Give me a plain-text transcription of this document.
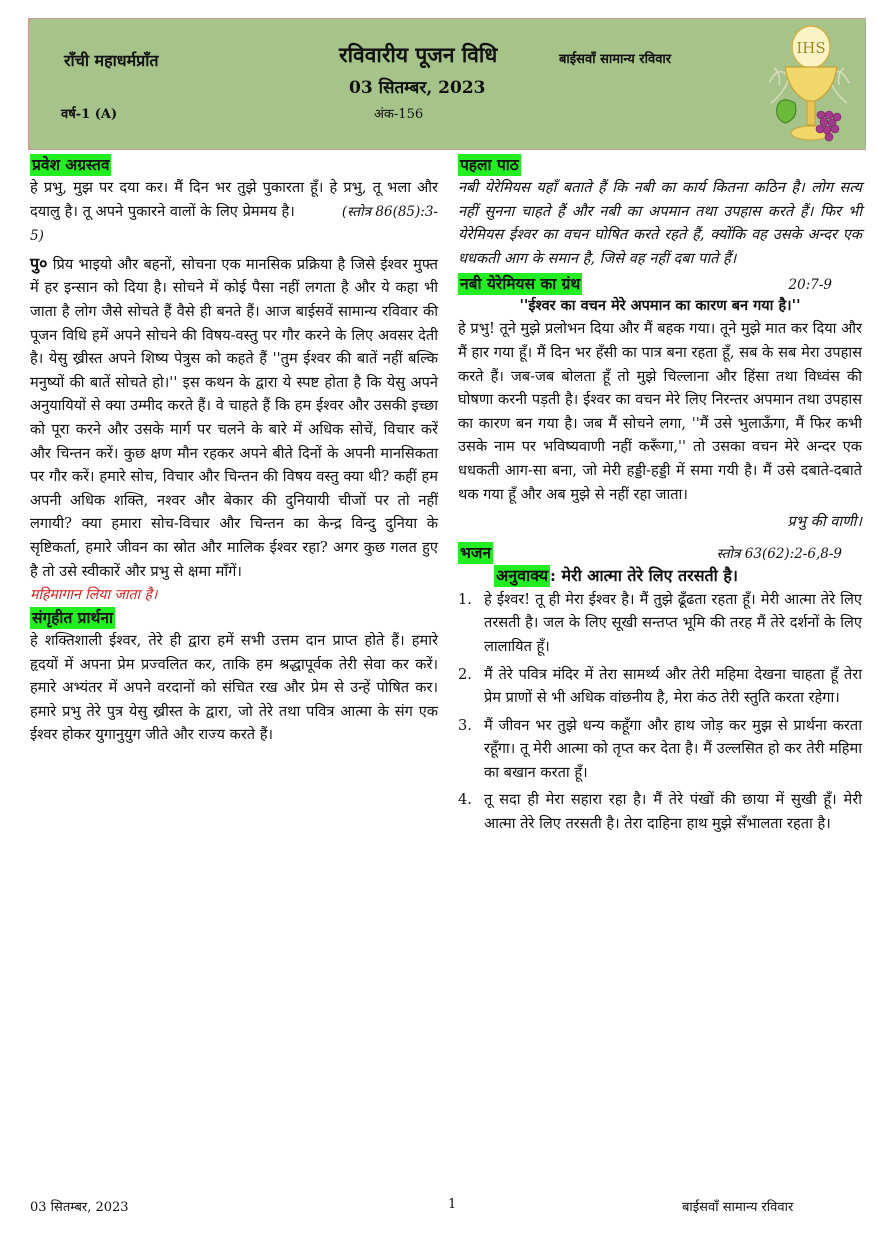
राँची महाधर्मप्राँत	रविवारीय पूजन विधि
03 सितम्बर, 2023
वर्ष-1 (A)	अंक-156
बाईसवाँ सामान्य रविवार
IHS
प्रवेश अग्रस्तव

हे प्रभु, मुझ पर दया कर। मैं दिन भर तुझे पुकारता हूँ। हे प्रभु, तू भला और दयालु है। तू अपने पुकारने वालों के लिए प्रेममय है।	(स्तोत्र 86(85):3-5)

पु० प्रिय भाइयो और बहनों, सोचना एक मानसिक प्रक्रिया है जिसे ईश्वर मुफ्त में हर इन्सान को दिया है। सोचने में कोई पैसा नहीं लगता है और ये कहा भी जाता है लोग जैसे सोचते हैं वैसे ही बनते हैं। आज बाईसवें सामान्य रविवार की पूजन विधि हमें अपने सोचने की विषय-वस्तु पर गौर करने के लिए अवसर देती है। येसु ख्रीस्त अपने शिष्य पेत्रुस को कहते हैं ''तुम ईश्वर की बातें नहीं बल्कि मनुष्यों की बातें सोचते हो।'' इस कथन के द्वारा ये स्पष्ट होता है कि येसु अपने अनुयायियों से क्या उम्मीद करते हैं। वे चाहते हैं कि हम ईश्वर और उसकी इच्छा को पूरा करने और उसके मार्ग पर चलने के बारे में अधिक सोचें, विचार करें और चिन्तन करें। कुछ क्षण मौन रहकर अपने बीते दिनों के अपनी मानसिकता पर गौर करें। हमारे सोच, विचार और चिन्तन की विषय वस्तु क्या थी? कहीं हम अपनी अधिक शक्ति, नश्वर और बेकार की दुनियायी चीजों पर तो नहीं लगायी? क्या हमारा सोच-विचार और चिन्तन का केन्द्र विन्दु दुनिया के सृष्टिकर्ता, हमारे जीवन का स्रोत और मालिक ईश्वर रहा? अगर कुछ गलत हुए है तो उसे स्वीकारें और प्रभु से क्षमा माँगें।

महिमागान लिया जाता है।
संगृहीत प्रार्थना

हे शक्तिशाली ईश्वर, तेरे ही द्वारा हमें सभी उत्तम दान प्राप्त होते हैं। हमारे हृदयों में अपना प्रेम प्रज्वलित कर, ताकि हम श्रद्धापूर्वक तेरी सेवा कर करें। हमारे अभ्यंतर में अपने वरदानों को संचित रख और प्रेम से उन्हें पोषित कर। हमारे प्रभु तेरे पुत्र येसु ख्रीस्त के द्वारा, जो तेरे तथा पवित्र आत्मा के संग एक ईश्वर होकर युगानुयुग जीते और राज्य करते हैं।

पहला पाठ

नबी येरेमियस यहाँ बताते हैं कि नबी का कार्य कितना कठिन है। लोग सत्य नहीं सुनना चाहते हैं और नबी का अपमान तथा उपहास करते हैं। फिर भी येरेमियस ईश्वर का वचन घोषित करते रहते हैं, क्योंकि वह उसके अन्दर एक धधकती आग के समान है, जिसे वह नहीं दबा पाते हैं।

नबी येरेमियस का ग्रंथ	20:7-9
''ईश्वर का वचन मेरे अपमान का कारण बन गया है।''

हे प्रभु! तूने मुझे प्रलोभन दिया और मैं बहक गया। तूने मुझे मात कर दिया और मैं हार गया हूँ। मैं दिन भर हँसी का पात्र बना रहता हूँ, सब के सब मेरा उपहास करते हैं। जब-जब बोलता हूँ तो मुझे चिल्लाना और हिंसा तथा विध्वंस की घोषणा करनी पड़ती है। ईश्वर का वचन मेरे लिए निरन्तर अपमान तथा उपहास का कारण बन गया है। जब मैं सोचने लगा, ''मैं उसे भुलाऊँगा, मैं फिर कभी उसके नाम पर भविष्यवाणी नहीं करूँगा,'' तो उसका वचन मेरे अन्दर एक धधकती आग-सा बना, जो मेरी हड्डी-हड्डी में समा गयी है। मैं उसे दबाते-दबाते थक गया हूँ और अब मुझे से नहीं रहा जाता।

प्रभु की वाणी।
भजन	स्तोत्र 63(62):2-6,8-9
अनुवाक्य : मेरी आत्मा तेरे लिए तरसती है।
1. हे ईश्वर! तू ही मेरा ईश्वर है। मैं तुझे ढूँढता रहता हूँ। मेरी आत्मा तेरे लिए तरसती है। जल के लिए सूखी सन्तप्त भूमि की तरह मैं तेरे दर्शनों के लिए लालायित हूँ।
2. मैं तेरे पवित्र मंदिर में तेरा सामर्थ्य और तेरी महिमा देखना चाहता हूँ तेरा प्रेम प्राणों से भी अधिक वांछनीय है, मेरा कंठ तेरी स्तुति करता रहेगा।
3. मैं जीवन भर तुझे धन्य कहूँगा और हाथ जोड़ कर मुझ से प्रार्थना करता रहूँगा। तू मेरी आत्मा को तृप्त कर देता है। मैं उल्लसित हो कर तेरी महिमा का बखान करता हूँ।
4. तू सदा ही मेरा सहारा रहा है। मैं तेरे पंखों की छाया में सुखी हूँ। मेरी आत्मा तेरे लिए तरसती है। तेरा दाहिना हाथ मुझे सँभालता रहता है।
03 सितम्बर, 2023	1	बाईसवाँ सामान्य रविवार
